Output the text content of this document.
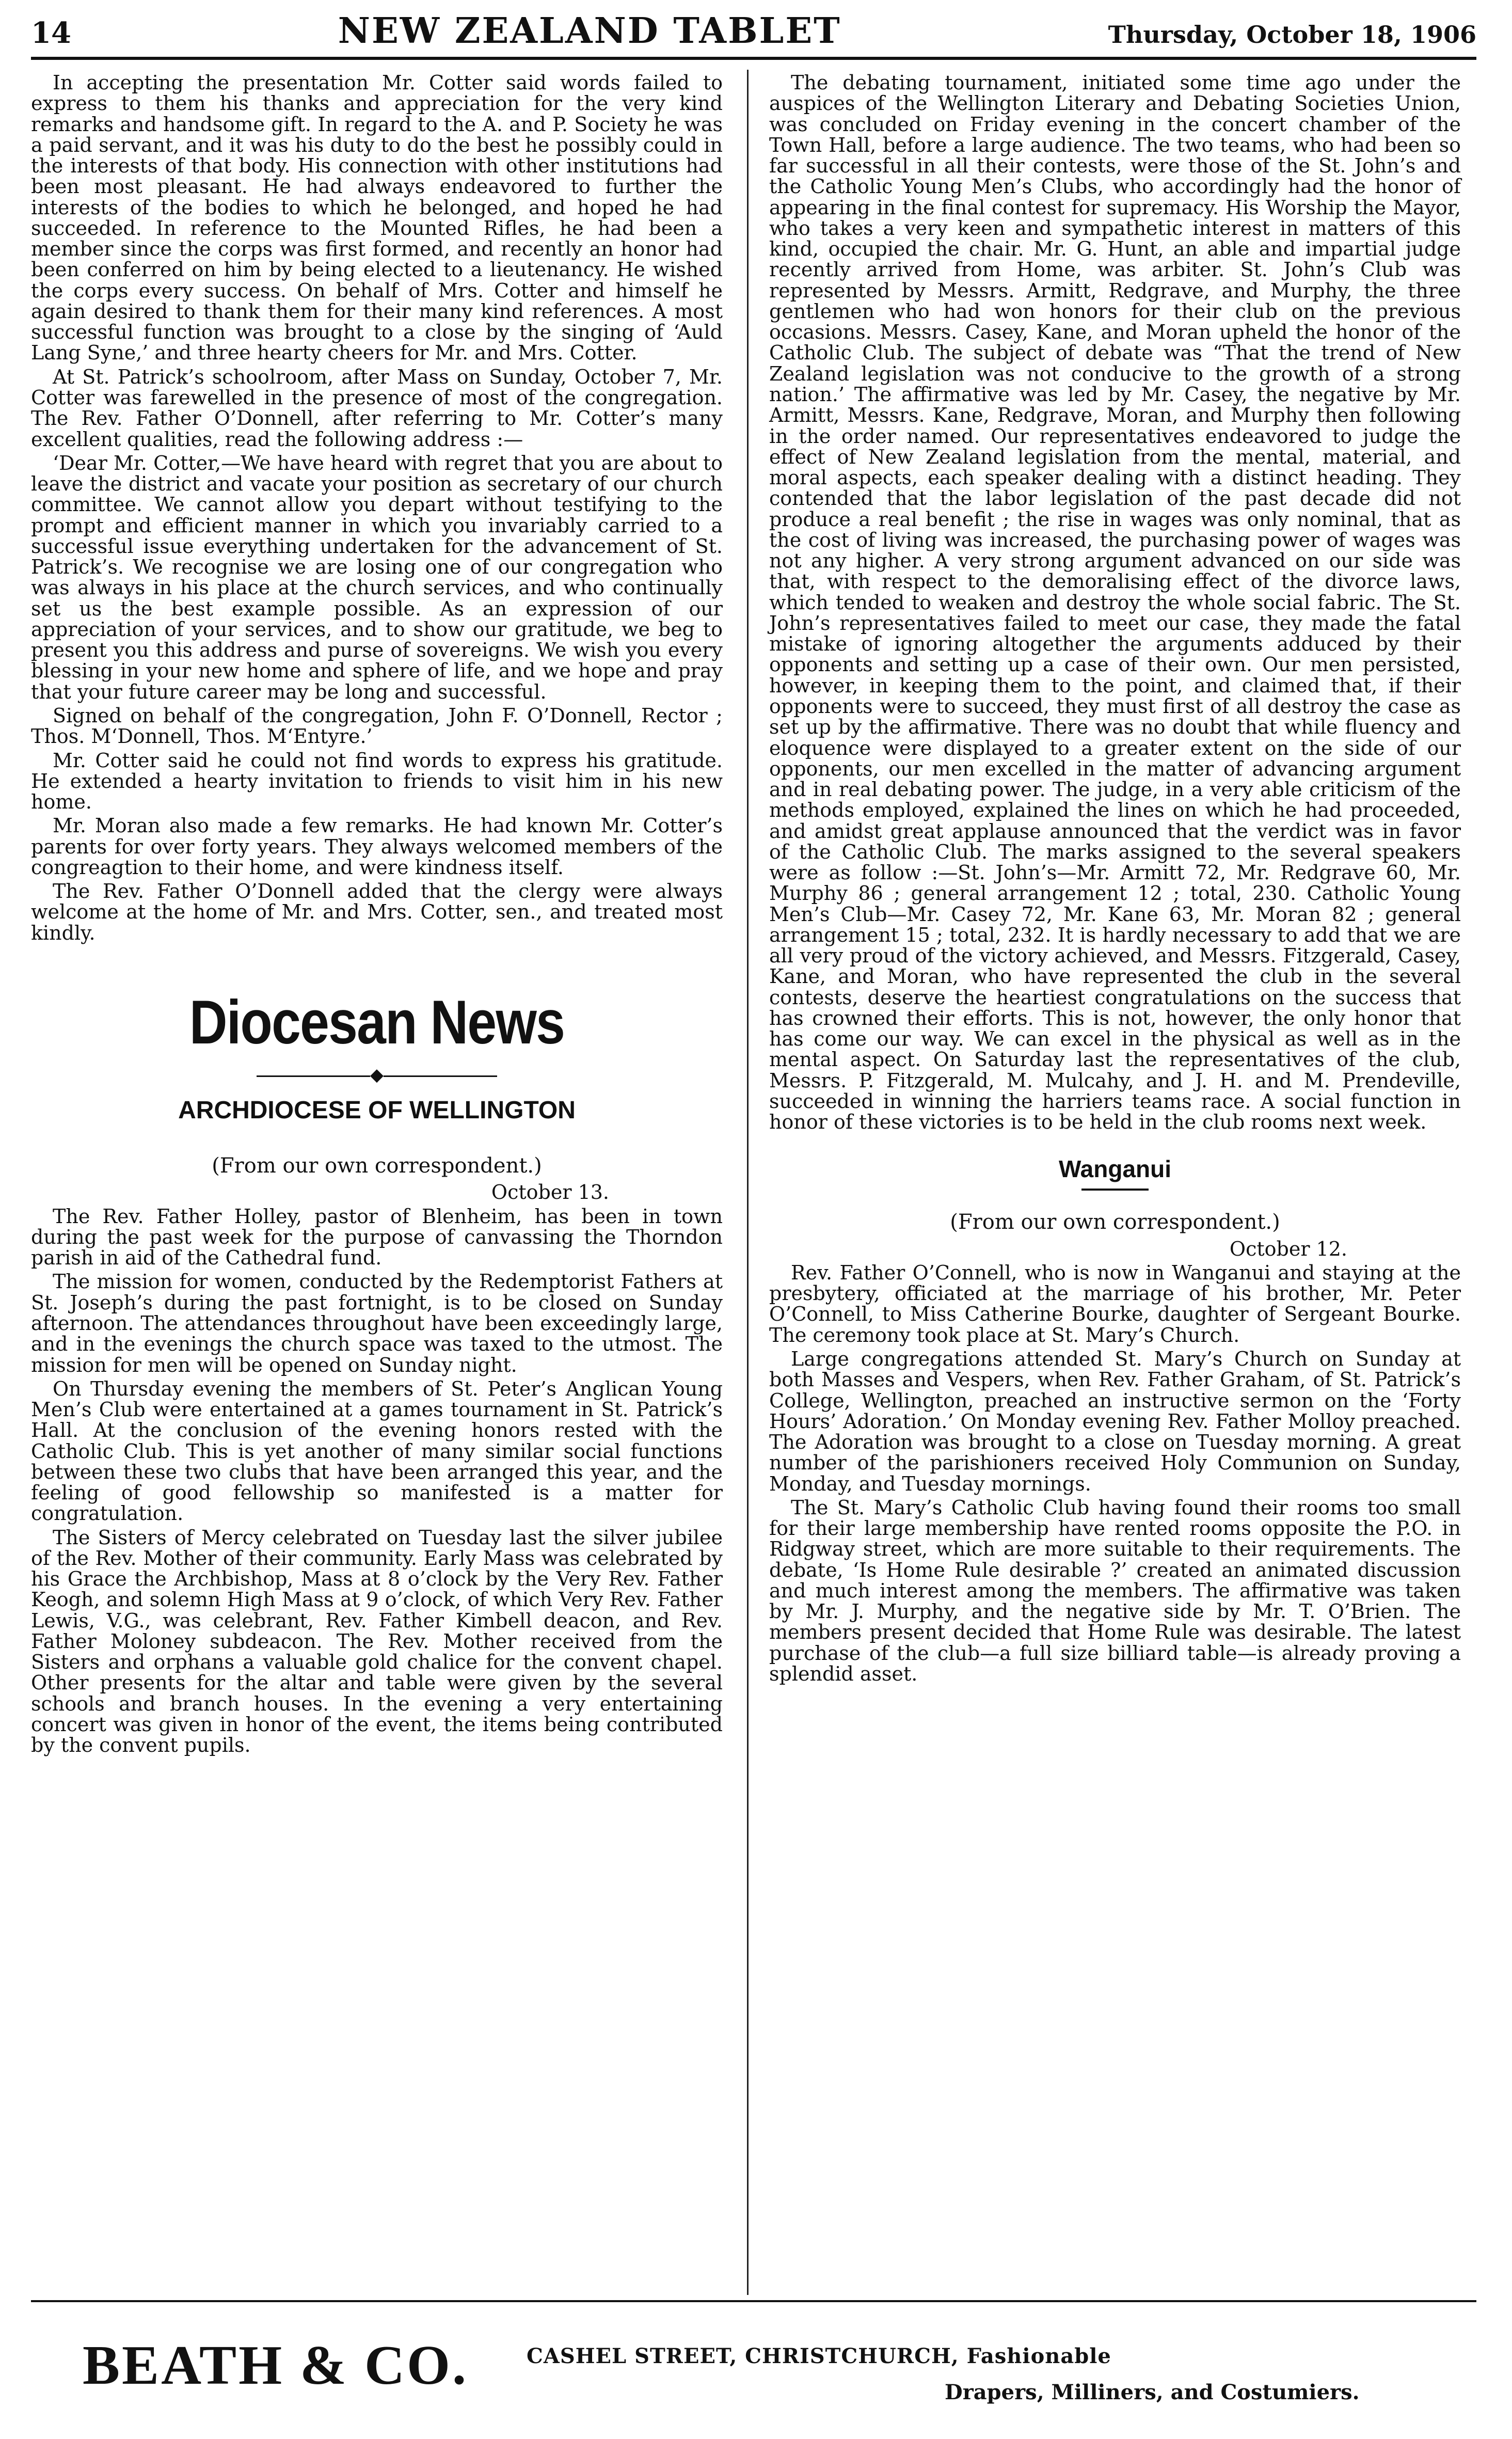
14	NEW ZEALAND TABLET	Thursday, October 18, 1906

In accepting the presentation Mr. Cotter said words failed to express to them his thanks and appreciation for the very kind remarks and handsome gift. In regard to the A. and P. Society he was a paid servant, and it was his duty to do the best he possibly could in the interests of that body. His connection with other institutions had been most pleasant. He had always endeavored to further the interests of the bodies to which he belonged, and hoped he had succeeded. In reference to the Mounted Rifles, he had been a member since the corps was first formed, and recently an honor had been conferred on him by being elected to a lieutenancy. He wished the corps every success. On behalf of Mrs. Cotter and himself he again desired to thank them for their many kind references. A most successful function was brought to a close by the singing of ‘Auld Lang Syne,’ and three hearty cheers for Mr. and Mrs. Cotter.

At St. Patrick’s schoolroom, after Mass on Sunday, October 7, Mr. Cotter was farewelled in the presence of most of the congregation. The Rev. Father O’Donnell, after referring to Mr. Cotter’s many excellent qualities, read the following address :—

‘Dear Mr. Cotter,—We have heard with regret that you are about to leave the district and vacate your position as secretary of our church committee. We cannot allow you depart without testifying to the prompt and efficient manner in which you invariably carried to a successful issue everything undertaken for the advancement of St. Patrick’s. We recognise we are losing one of our congregation who was always in his place at the church services, and who continually set us the best example possible. As an expression of our appreciation of your services, and to show our gratitude, we beg to present you this address and purse of sovereigns. We wish you every blessing in your new home and sphere of life, and we hope and pray that your future career may be long and successful.

Signed on behalf of the congregation, John F. O’Donnell, Rector ; Thos. M‘Donnell, Thos. M‘Entyre.’

Mr. Cotter said he could not find words to express his gratitude. He extended a hearty invitation to friends to visit him in his new home.

Mr. Moran also made a few remarks. He had known Mr. Cotter’s parents for over forty years. They always welcomed members of the congreagtion to their home, and were kindness itself.

The Rev. Father O’Donnell added that the clergy were always welcome at the home of Mr. and Mrs. Cotter, sen., and treated most kindly.

Diocesan News
◆
ARCHDIOCESE OF WELLINGTON
(From our own correspondent.)
October 13.

The Rev. Father Holley, pastor of Blenheim, has been in town during the past week for the purpose of canvassing the Thorndon parish in aid of the Cathedral fund.

The mission for women, conducted by the Redemptorist Fathers at St. Joseph’s during the past fortnight, is to be closed on Sunday afternoon. The attendances throughout have been exceedingly large, and in the evenings the church space was taxed to the utmost. The mission for men will be opened on Sunday night.

On Thursday evening the members of St. Peter’s Anglican Young Men’s Club were entertained at a games tournament in St. Patrick’s Hall. At the conclusion of the evening honors rested with the Catholic Club. This is yet another of many similar social functions between these two clubs that have been arranged this year, and the feeling of good fellowship so manifested is a matter for congratulation.

The Sisters of Mercy celebrated on Tuesday last the silver jubilee of the Rev. Mother of their community. Early Mass was celebrated by his Grace the Archbishop, Mass at 8 o’clock by the Very Rev. Father Keogh, and solemn High Mass at 9 o’clock, of which Very Rev. Father Lewis, V.G., was celebrant, Rev. Father Kimbell deacon, and Rev. Father Moloney subdeacon. The Rev. Mother received from the Sisters and orphans a valuable gold chalice for the convent chapel. Other presents for the altar and table were given by the several schools and branch houses. In the evening a very entertaining concert was given in honor of the event, the items being contributed by the convent pupils.

The debating tournament, initiated some time ago under the auspices of the Wellington Literary and Debating Societies Union, was concluded on Friday evening in the concert chamber of the Town Hall, before a large audience. The two teams, who had been so far successful in all their contests, were those of the St. John’s and the Catholic Young Men’s Clubs, who accordingly had the honor of appearing in the final contest for supremacy. His Worship the Mayor, who takes a very keen and sympathetic interest in matters of this kind, occupied the chair. Mr. G. Hunt, an able and impartial judge recently arrived from Home, was arbiter. St. John’s Club was represented by Messrs. Armitt, Redgrave, and Murphy, the three gentlemen who had won honors for their club on the previous occasions. Messrs. Casey, Kane, and Moran upheld the honor of the Catholic Club. The subject of debate was “That the trend of New Zealand legislation was not conducive to the growth of a strong nation.’ The affirmative was led by Mr. Casey, the negative by Mr. Armitt, Messrs. Kane, Redgrave, Moran, and Murphy then following in the order named. Our representatives endeavored to judge the effect of New Zealand legislation from the mental, material, and moral aspects, each speaker dealing with a distinct heading. They contended that the labor legislation of the past decade did not produce a real benefit ; the rise in wages was only nominal, that as the cost of living was increased, the purchasing power of wages was not any higher. A very strong argument advanced on our side was that, with respect to the demoralising effect of the divorce laws, which tended to weaken and destroy the whole social fabric. The St. John’s representatives failed to meet our case, they made the fatal mistake of ignoring altogether the arguments adduced by their opponents and setting up a case of their own. Our men persisted, however, in keeping them to the point, and claimed that, if their opponents were to succeed, they must first of all destroy the case as set up by the affirmative. There was no doubt that while fluency and eloquence were displayed to a greater extent on the side of our opponents, our men excelled in the matter of advancing argument and in real debating power. The judge, in a very able criticism of the methods employed, explained the lines on which he had proceeded, and amidst great applause announced that the verdict was in favor of the Catholic Club. The marks assigned to the several speakers were as follow :—St. John’s—Mr. Armitt 72, Mr. Redgrave 60, Mr. Murphy 86 ; general arrangement 12 ; total, 230. Catholic Young Men’s Club—Mr. Casey 72, Mr. Kane 63, Mr. Moran 82 ; general arrangement 15 ; total, 232. It is hardly necessary to add that we are all very proud of the victory achieved, and Messrs. Fitzgerald, Casey, Kane, and Moran, who have represented the club in the several contests, deserve the heartiest congratulations on the success that has crowned their efforts. This is not, however, the only honor that has come our way. We can excel in the physical as well as in the mental aspect. On Saturday last the representatives of the club, Messrs. P. Fitzgerald, M. Mulcahy, and J. H. and M. Prendeville, succeeded in winning the harriers teams race. A social function in honor of these victories is to be held in the club rooms next week.

Wanganui
(From our own correspondent.)
October 12.

Rev. Father O’Connell, who is now in Wanganui and staying at the presbytery, officiated at the marriage of his brother, Mr. Peter O’Connell, to Miss Catherine Bourke, daughter of Sergeant Bourke. The ceremony took place at St. Mary’s Church.

Large congregations attended St. Mary’s Church on Sunday at both Masses and Vespers, when Rev. Father Graham, of St. Patrick’s College, Wellington, preached an instructive sermon on the ‘Forty Hours’ Adoration.’ On Monday evening Rev. Father Molloy preached. The Adoration was brought to a close on Tuesday morning. A great number of the parishioners received Holy Communion on Sunday, Monday, and Tuesday mornings.

The St. Mary’s Catholic Club having found their rooms too small for their large membership have rented rooms opposite the P.O. in Ridgway street, which are more suitable to their requirements. The debate, ‘Is Home Rule desirable ?’ created an animated discussion and much interest among the members. The affirmative was taken by Mr. J. Murphy, and the negative side by Mr. T. O’Brien. The members present decided that Home Rule was desirable. The latest purchase of the club—a full size billiard table—is already proving a splendid asset.

BEATH & CO.	CASHEL STREET, CHRISTCHURCH, Fashionable
Drapers, Milliners, and Costumiers.
